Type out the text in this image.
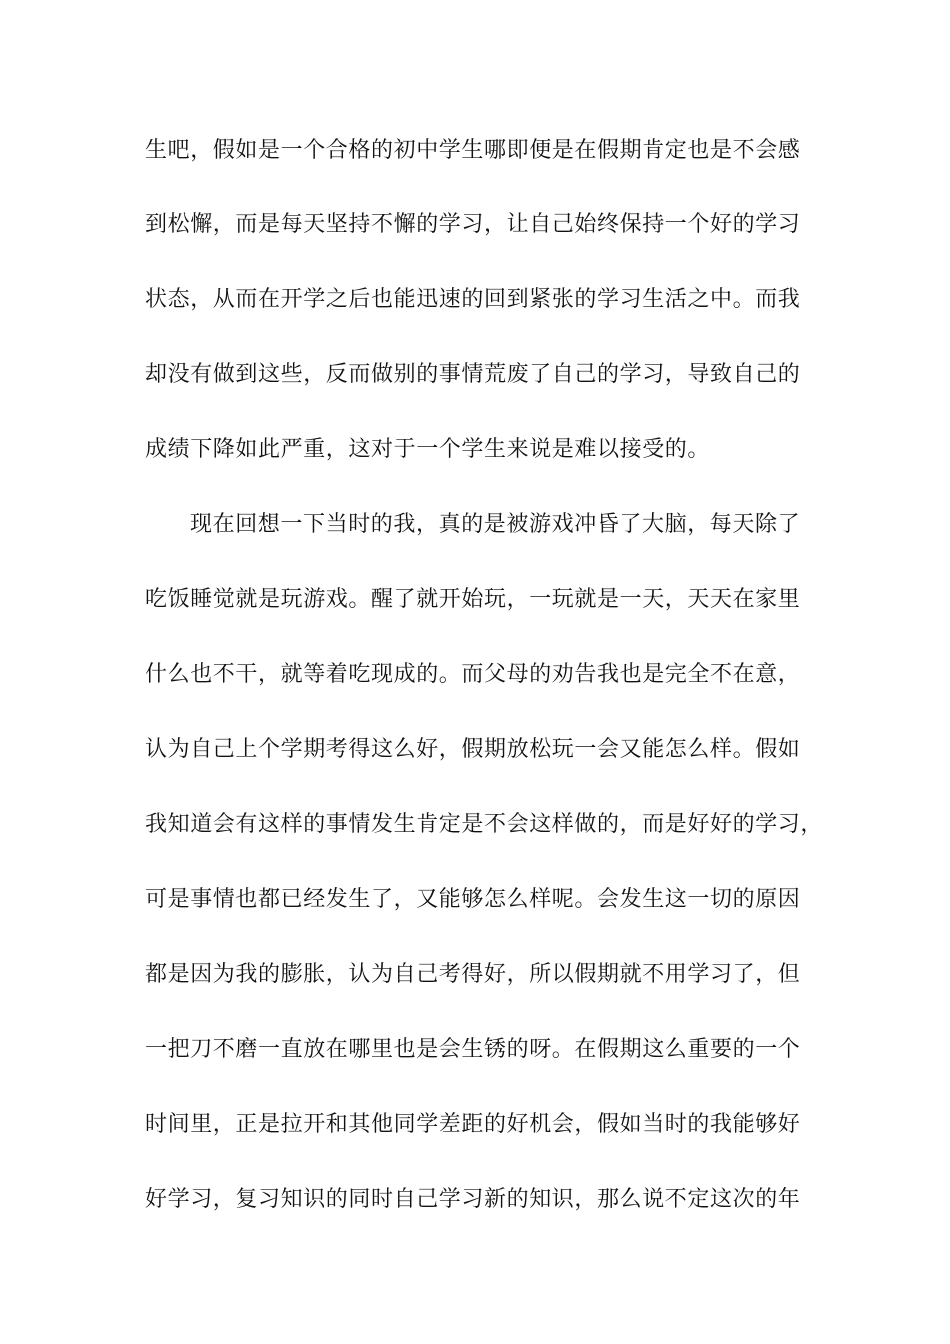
生吧，假如是一个合格的初中学生哪即便是在假期肯定也是不会感
到松懈，而是每天坚持不懈的学习，让自己始终保持一个好的学习
状态，从而在开学之后也能迅速的回到紧张的学习生活之中。而我
却没有做到这些，反而做别的事情荒废了自己的学习，导致自己的
成绩下降如此严重，这对于一个学生来说是难以接受的。
现在回想一下当时的我，真的是被游戏冲昏了大脑，每天除了
吃饭睡觉就是玩游戏。醒了就开始玩，一玩就是一天，天天在家里
什么也不干，就等着吃现成的。而父母的劝告我也是完全不在意，
认为自己上个学期考得这么好，假期放松玩一会又能怎么样。假如
我知道会有这样的事情发生肯定是不会这样做的，而是好好的学习，
可是事情也都已经发生了，又能够怎么样呢。会发生这一切的原因
都是因为我的膨胀，认为自己考得好，所以假期就不用学习了，但
一把刀不磨一直放在哪里也是会生锈的呀。在假期这么重要的一个
时间里，正是拉开和其他同学差距的好机会，假如当时的我能够好
好学习，复习知识的同时自己学习新的知识，那么说不定这次的年
